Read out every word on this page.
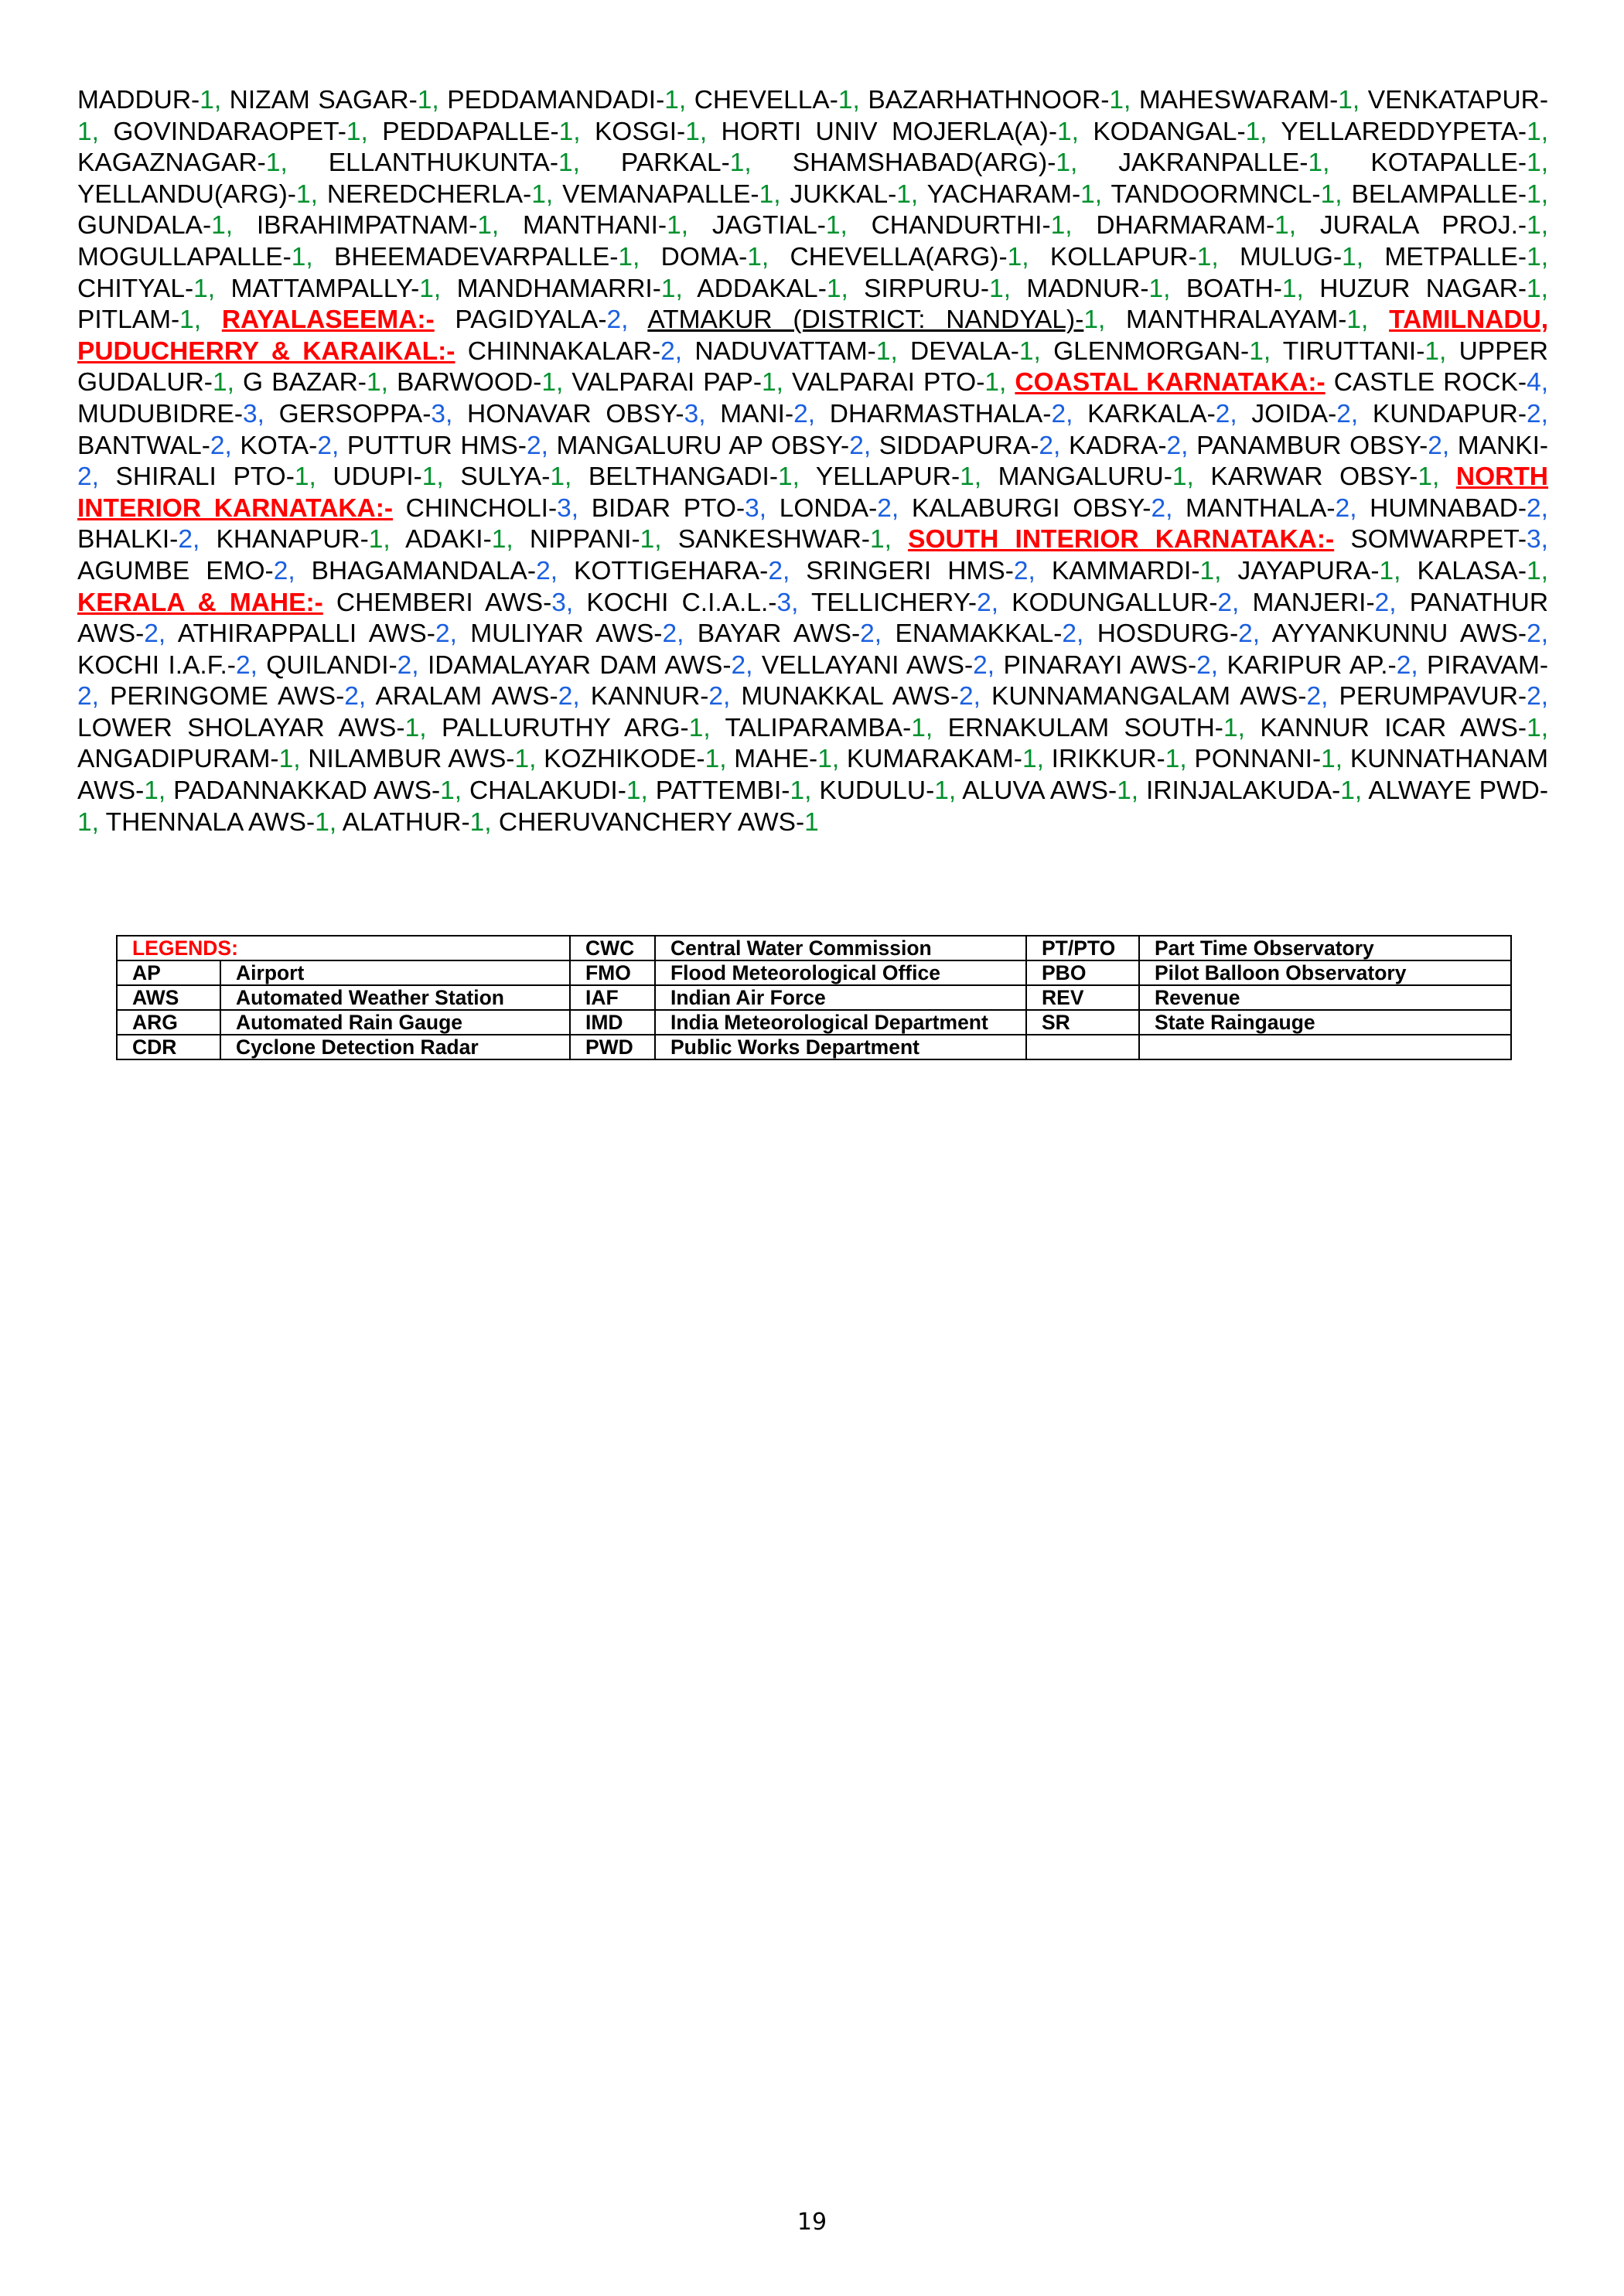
MADDUR-1, NIZAM SAGAR-1, PEDDAMANDADI-1, CHEVELLA-1, BAZARHATHNOOR-1, MAHESWARAM-1, VENKATAPUR-1, GOVINDARAOPET-1, PEDDAPALLE-1, KOSGI-1, HORTI UNIV MOJERLA(A)-1, KODANGAL-1, YELLAREDDYPETA-1, KAGAZNAGAR-1, ELLANTHUKUNTA-1, PARKAL-1, SHAMSHABAD(ARG)-1, JAKRANPALLE-1, KOTAPALLE-1, YELLANDU(ARG)-1, NEREDCHERLA-1, VEMANAPALLE-1, JUKKAL-1, YACHARAM-1, TANDOORMNCL-1, BELAMPALLE-1, GUNDALA-1, IBRAHIMPATNAM-1, MANTHANI-1, JAGTIAL-1, CHANDURTHI-1, DHARMARAM-1, JURALA PROJ.-1, MOGULLAPALLE-1, BHEEMADEVARPALLE-1, DOMA-1, CHEVELLA(ARG)-1, KOLLAPUR-1, MULUG-1, METPALLE-1, CHITYAL-1, MATTAMPALLY-1, MANDHAMARRI-1, ADDAKAL-1, SIRPURU-1, MADNUR-1, BOATH-1, HUZUR NAGAR-1, PITLAM-1, RAYALASEEMA:- PAGIDYALA-2, ATMAKUR (DISTRICT: NANDYAL)-1, MANTHRALAYAM-1, TAMILNADU, PUDUCHERRY & KARAIKAL:- CHINNAKALAR-2, NADUVATTAM-1, DEVALA-1, GLENMORGAN-1, TIRUTTANI-1, UPPER GUDALUR-1, G BAZAR-1, BARWOOD-1, VALPARAI PAP-1, VALPARAI PTO-1, COASTAL KARNATAKA:- CASTLE ROCK-4, MUDUBIDRE-3, GERSOPPA-3, HONAVAR OBSY-3, MANI-2, DHARMASTHALA-2, KARKALA-2, JOIDA-2, KUNDAPUR-2, BANTWAL-2, KOTA-2, PUTTUR HMS-2, MANGALURU AP OBSY-2, SIDDAPURA-2, KADRA-2, PANAMBUR OBSY-2, MANKI-2, SHIRALI PTO-1, UDUPI-1, SULYA-1, BELTHANGADI-1, YELLAPUR-1, MANGALURU-1, KARWAR OBSY-1, NORTH INTERIOR KARNATAKA:- CHINCHOLI-3, BIDAR PTO-3, LONDA-2, KALABURGI OBSY-2, MANTHALA-2, HUMNABAD-2, BHALKI-2, KHANAPUR-1, ADAKI-1, NIPPANI-1, SANKESHWAR-1, SOUTH INTERIOR KARNATAKA:- SOMWARPET-3, AGUMBE EMO-2, BHAGAMANDALA-2, KOTTIGEHARA-2, SRINGERI HMS-2, KAMMARDI-1, JAYAPURA-1, KALASA-1, KERALA & MAHE:- CHEMBERI AWS-3, KOCHI C.I.A.L.-3, TELLICHERY-2, KODUNGALLUR-2, MANJERI-2, PANATHUR AWS-2, ATHIRAPPALLI AWS-2, MULIYAR AWS-2, BAYAR AWS-2, ENAMAKKAL-2, HOSDURG-2, AYYANKUNNU AWS-2, KOCHI I.A.F.-2, QUILANDI-2, IDAMALAYAR DAM AWS-2, VELLAYANI AWS-2, PINARAYI AWS-2, KARIPUR AP.-2, PIRAVAM-2, PERINGOME AWS-2, ARALAM AWS-2, KANNUR-2, MUNAKKAL AWS-2, KUNNAMANGALAM AWS-2, PERUMPAVUR-2, LOWER SHOLAYAR AWS-1, PALLURUTHY ARG-1, TALIPARAMBA-1, ERNAKULAM SOUTH-1, KANNUR ICAR AWS-1, ANGADIPURAM-1, NILAMBUR AWS-1, KOZHIKODE-1, MAHE-1, KUMARAKAM-1, IRIKKUR-1, PONNANI-1, KUNNATHANAM AWS-1, PADANNAKKAD AWS-1, CHALAKUDI-1, PATTEMBI-1, KUDULU-1, ALUVA AWS-1, IRINJALAKUDA-1, ALWAYE PWD-1, THENNALA AWS-1, ALATHUR-1, CHERUVANCHERY AWS-1
LEGENDS:		CWC	Central Water Commission	PT/PTO	Part Time Observatory
AP	Airport	FMO	Flood Meteorological Office	PBO	Pilot Balloon Observatory
AWS	Automated Weather Station	IAF	Indian Air Force	REV	Revenue
ARG	Automated Rain Gauge	IMD	India Meteorological Department	SR	State Raingauge
CDR	Cyclone Detection Radar	PWD	Public Works Department		
19
